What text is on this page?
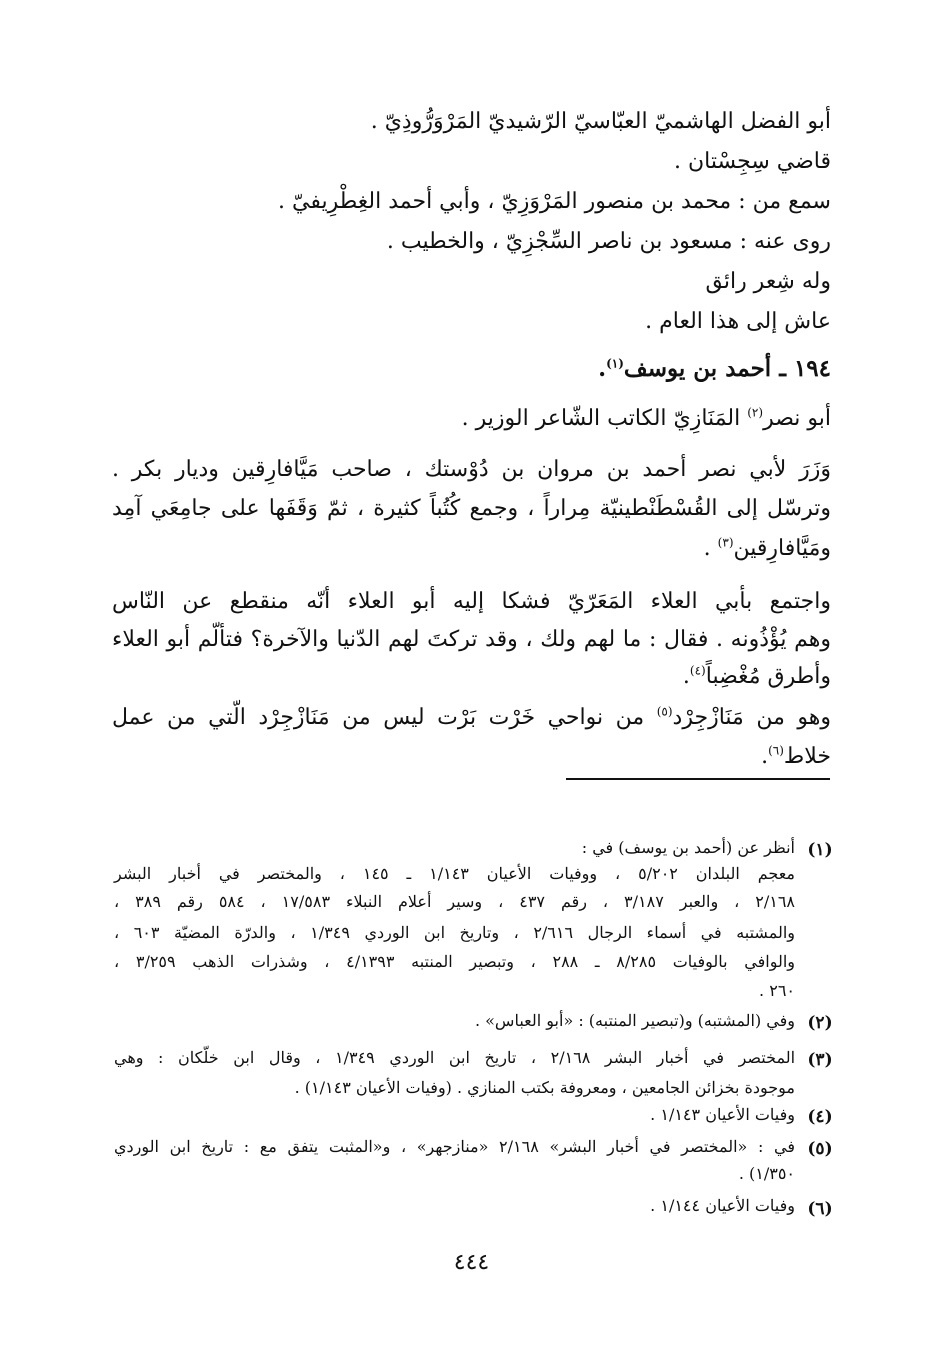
أبو الفضل الهاشميّ العبّاسيّ الرّشيديّ المَرْوَرُّوذِيّ .
قاضي سِجِسْتان .
سمع من : محمد بن منصور المَرْوَزِيّ ، وأبي أحمد الغِطْرِيفيّ .
روى عنه : مسعود بن ناصر السِّجْزِيّ ، والخطيب .
وله شِعر رائق
عاش إلى هذا العام .
١٩٤ ـ أحمد بن يوسف$^{(١)}$.
أبو نصر$^{(٢)}$ المَنَازِيّ الكاتب الشّاعر الوزير .
وَزَرَ لأبي نصر أحمد بن مروان بن دُوْستك ، صاحب مَيَّافارِقين وديار بكر .
وترسّل إلى القُسْطَنْطينيّة مِراراً ، وجمع كُتُباً كثيرة ، ثمّ وَقَفَها على جامِعَي آمِد
ومَيَّافارِقين$^{(٣)}$ .
واجتمع بأبي العلاء المَعَرّيّ فشكا إليه أبو العلاء أنّه منقطع عن النّاس
وهم يُؤْذُونه . فقال : ما لهم ولك ، وقد تركتَ لهم الدّنيا والآخرة؟ فتألّم أبو العلاء
وأطرق مُغْضِباً$^{(٤)}$.
وهو من مَنَازْجِرْد$^{(٥)}$ من نواحي خَرْت بَرْت ليس من مَنَازْجِرْد الّتي من عمل
خلاط$^{(٦)}$.
(١)
أنظر عن (أحمد بن يوسف) في :
معجم البلدان ٥/٢٠٢ ، ووفيات الأعيان ١/١٤٣ ـ ١٤٥ ، والمختصر في أخبار البشر
٢/١٦٨ ، والعبر ٣/١٨٧ ، رقم ٤٣٧ ، وسير أعلام النبلاء ١٧/٥٨٣ ، ٥٨٤ رقم ٣٨٩ ،
والمشتبه في أسماء الرجال ٢/٦١٦ ، وتاريخ ابن الوردي ١/٣٤٩ ، والدرّة المضيّة ٦٠٣ ،
والوافي بالوفيات ٨/٢٨٥ ـ ٢٨٨ ، وتبصير المنتبه ٤/١٣٩٣ ، وشذرات الذهب ٣/٢٥٩ ،
٢٦٠ .
(٢)
وفي (المشتبه) و(تبصير المنتبه) : «أبو العباس» .
(٣)
المختصر في أخبار البشر ٢/١٦٨ ، تاريخ ابن الوردي ١/٣٤٩ ، وقال ابن خلّكان : وهي
موجودة بخزائن الجامعين ، ومعروفة بكتب المنازي . (وفيات الأعيان ١/١٤٣) .
(٤)
وفيات الأعيان ١/١٤٣ .
(٥)
في : «المختصر في أخبار البشر» ٢/١٦٨ «منازجهر» ، و«المثبت يتفق مع : تاريخ ابن الوردي
١/٣٥٠) .
(٦)
وفيات الأعيان ١/١٤٤ .
٤٤٤
